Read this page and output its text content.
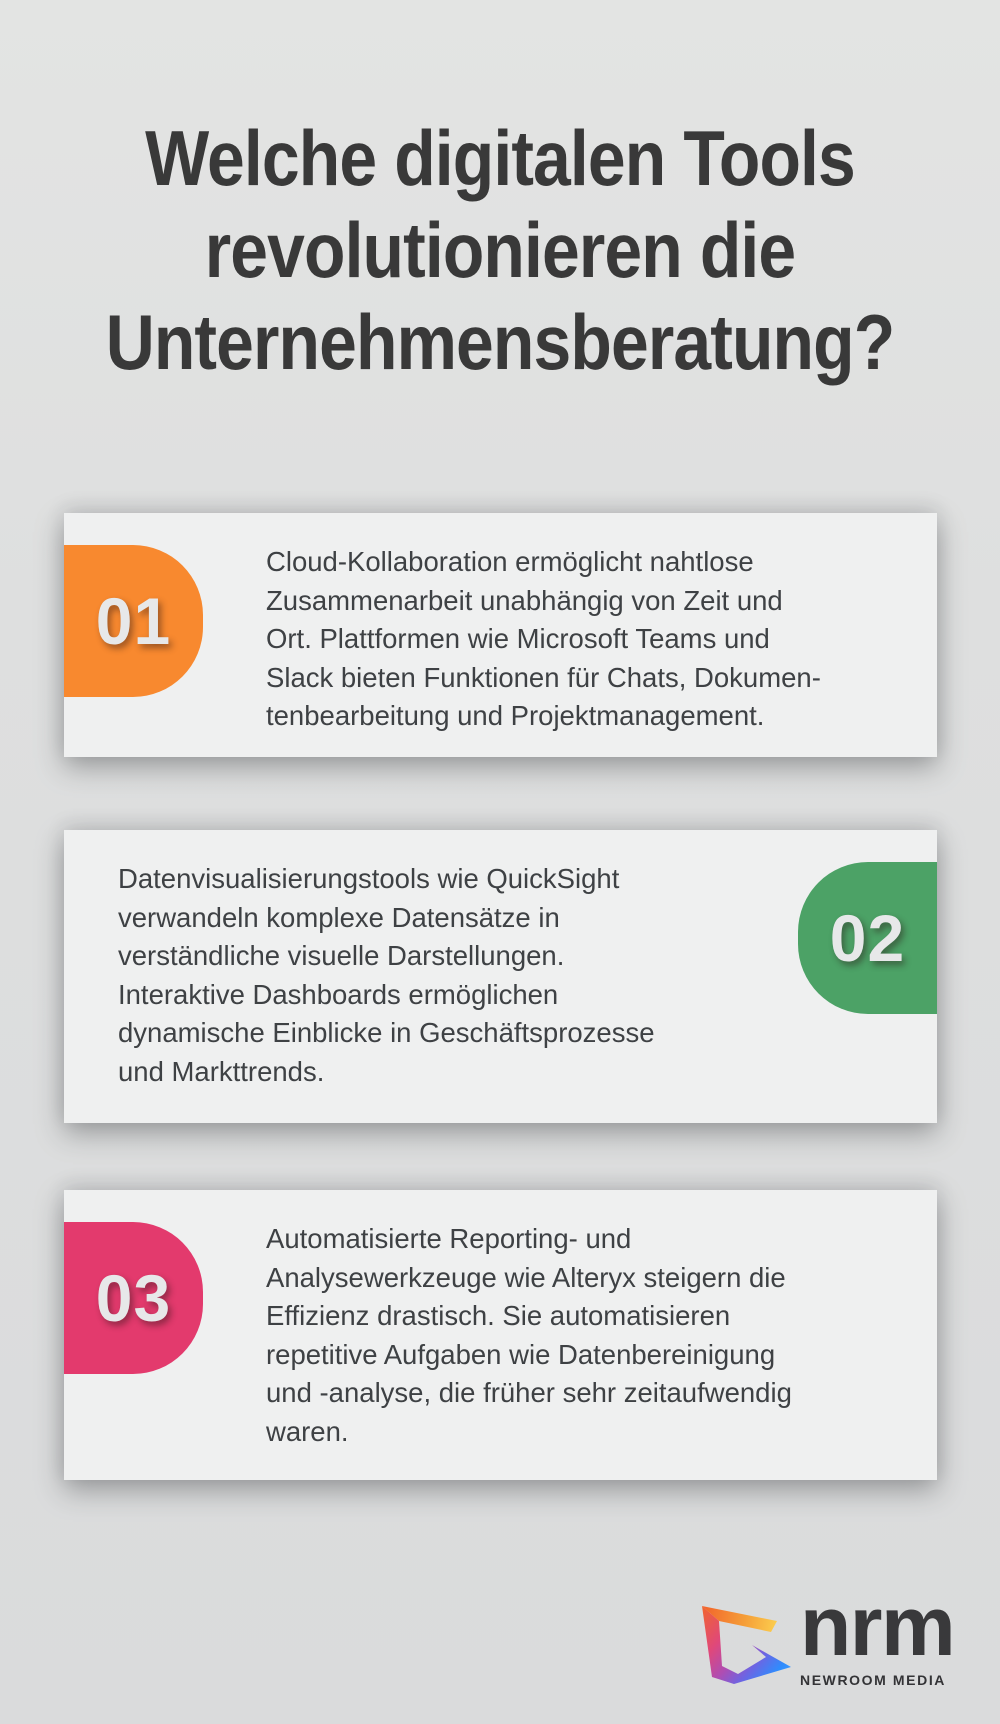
Welche digitalen Tools
revolutionieren die
Unternehmensberatung?
01
Cloud-Kollaboration ermöglicht nahtlose
Zusammenarbeit unabhängig von Zeit und
Ort. Plattformen wie Microsoft Teams und
Slack bieten Funktionen für Chats, Dokumen-
tenbearbeitung und Projektmanagement.
02
Datenvisualisierungstools wie QuickSight
verwandeln komplexe Datensätze in
verständliche visuelle Darstellungen.
Interaktive Dashboards ermöglichen
dynamische Einblicke in Geschäftsprozesse
und Markttrends.
03
Automatisierte Reporting- und
Analysewerkzeuge wie Alteryx steigern die
Effizienz drastisch. Sie automatisieren
repetitive Aufgaben wie Datenbereinigung
und -analyse, die früher sehr zeitaufwendig
waren.
nrm
NEWROOM MEDIA
